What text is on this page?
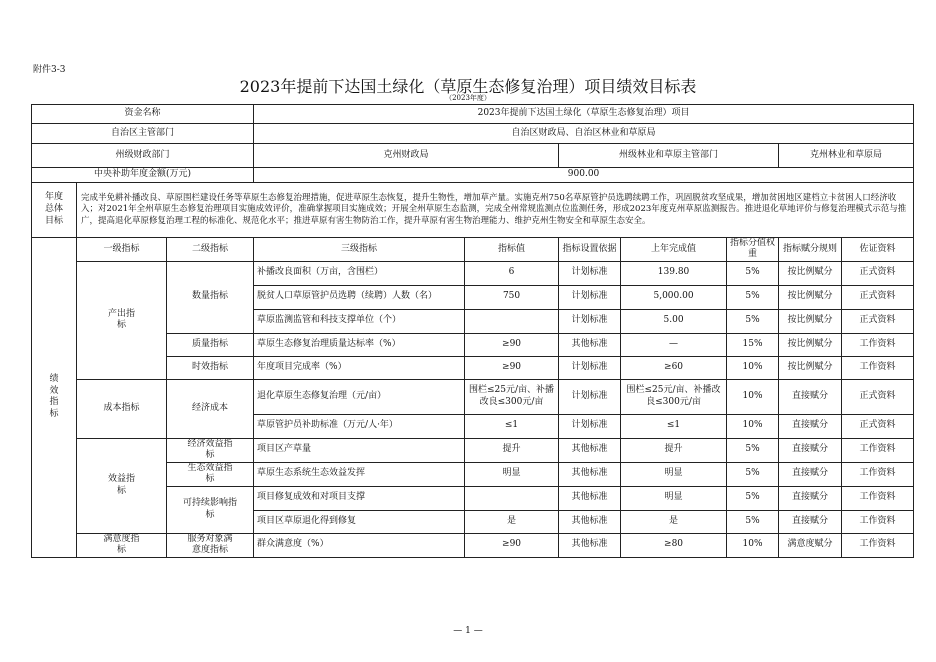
附件3-3
2023年提前下达国土绿化（草原生态修复治理）项目绩效目标表
（2023年度）
资金名称			2023年提前下达国土绿化（草原生态修复治理）项目						
自治区主管部门			自治区财政局、自治区林业和草原局						
州级财政部门			克州财政局		州级林业和草原主管部门			克州林业和草原局	
中央补助年度金额(万元)			900.00						
年度总体目标	完成半免耕补播改良、草原围栏建设任务等草原生态修复治理措施，促进草原生态恢复，提升生物性，增加草产量。实施克州750名草原管护员选聘续聘工作，巩固脱贫攻坚成果，增加贫困地区建档立卡贫困人口经济收入；对2021年全州草原生态修复治理项目实施成效评价，准确掌握项目实施成效；开展全州草原生态监测，完成全州常规监测点位监测任务，形成2023年度克州草原监测报告。推进退化草地评价与修复治理模式示范与推广，提高退化草原修复治理工程的标准化、规范化水平；推进草原有害生物防治工作，提升草原有害生物治理能力、维护克州生物安全和草原生态安全。								
绩效指标	一级指标	二级指标	三级指标	指标值	指标设置依据	上年完成值	指标分值权重	指标赋分规则	佐证资料
	产出指标	数量指标	补播改良面积（万亩，含围栏）	6	计划标准	139.80	5%	按比例赋分	正式资料
			脱贫人口草原管护员选聘（续聘）人数（名）	750	计划标准	5,000.00	5%	按比例赋分	正式资料
			草原监测监管和科技支撑单位（个）		计划标准	5.00	5%	按比例赋分	正式资料
		质量指标	草原生态修复治理质量达标率（%）	≥90	其他标准	—	15%	按比例赋分	工作资料
		时效指标	年度项目完成率（%）	≥90	计划标准	≥60	10%	按比例赋分	工作资料
	成本指标	经济成本	退化草原生态修复治理（元/亩）	围栏≤25元/亩、补播改良≤300元/亩	计划标准	围栏≤25元/亩、补播改良≤300元/亩	10%	直接赋分	正式资料
			草原管护员补助标准（万元/人·年）	≤1	计划标准	≤1	10%	直接赋分	正式资料
	效益指标	经济效益指标	项目区产草量	提升	其他标准	提升	5%	直接赋分	工作资料
		生态效益指标	草原生态系统生态效益发挥	明显	其他标准	明显	5%	直接赋分	工作资料
		可持续影响指标	项目修复成效和对项目支撑		其他标准	明显	5%	直接赋分	工作资料
			项目区草原退化得到修复	是	其他标准	是	5%	直接赋分	工作资料
	满意度指标	服务对象满意度指标	群众满意度（%）	≥90	其他标准	≥80	10%	满意度赋分	工作资料
— 1 —
